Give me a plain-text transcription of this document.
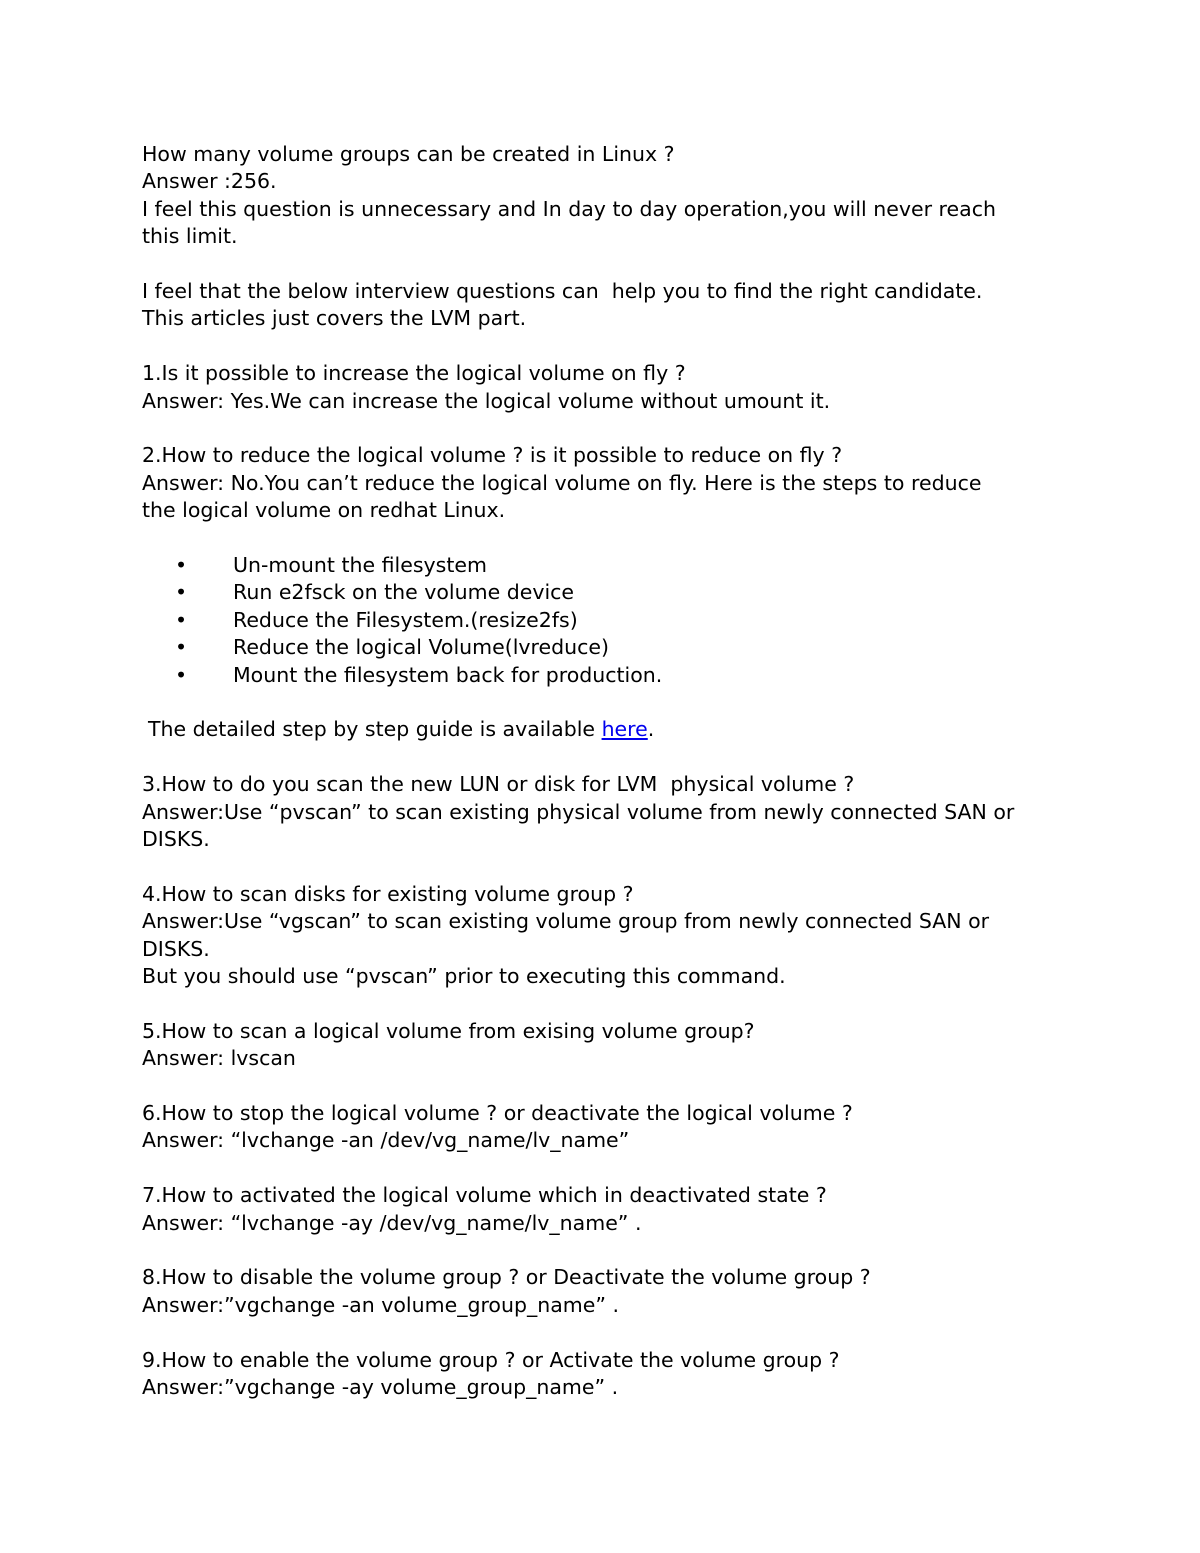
How many volume groups can be created in Linux ?

Answer :256.

I feel this question is unnecessary and In day to day operation,you will never reach

this limit.

I feel that the below interview questions can  help you to find the right candidate.

This articles just covers the LVM part.

1.Is it possible to increase the logical volume on fly ?

Answer: Yes.We can increase the logical volume without umount it.

2.How to reduce the logical volume ? is it possible to reduce on fly ?

Answer: No.You can’t reduce the logical volume on fly. Here is the steps to reduce

the logical volume on redhat Linux.

• Un-mount the filesystem
• Run e2fsck on the volume device
• Reduce the Filesystem.(resize2fs)
• Reduce the logical Volume(lvreduce)
• Mount the filesystem back for production.

The detailed step by step guide is available here.

3.How to do you scan the new LUN or disk for LVM  physical volume ?

Answer:Use “pvscan” to scan existing physical volume from newly connected SAN or

DISKS.

4.How to scan disks for existing volume group ?

Answer:Use “vgscan” to scan existing volume group from newly connected SAN or

DISKS.

But you should use “pvscan” prior to executing this command.

5.How to scan a logical volume from exising volume group?

Answer: lvscan

6.How to stop the logical volume ? or deactivate the logical volume ?

Answer: “lvchange -an /dev/vg_name/lv_name”

7.How to activated the logical volume which in deactivated state ?

Answer: “lvchange -ay /dev/vg_name/lv_name” .

8.How to disable the volume group ? or Deactivate the volume group ?

Answer:”vgchange -an volume_group_name” .

9.How to enable the volume group ? or Activate the volume group ?

Answer:”vgchange -ay volume_group_name” .
